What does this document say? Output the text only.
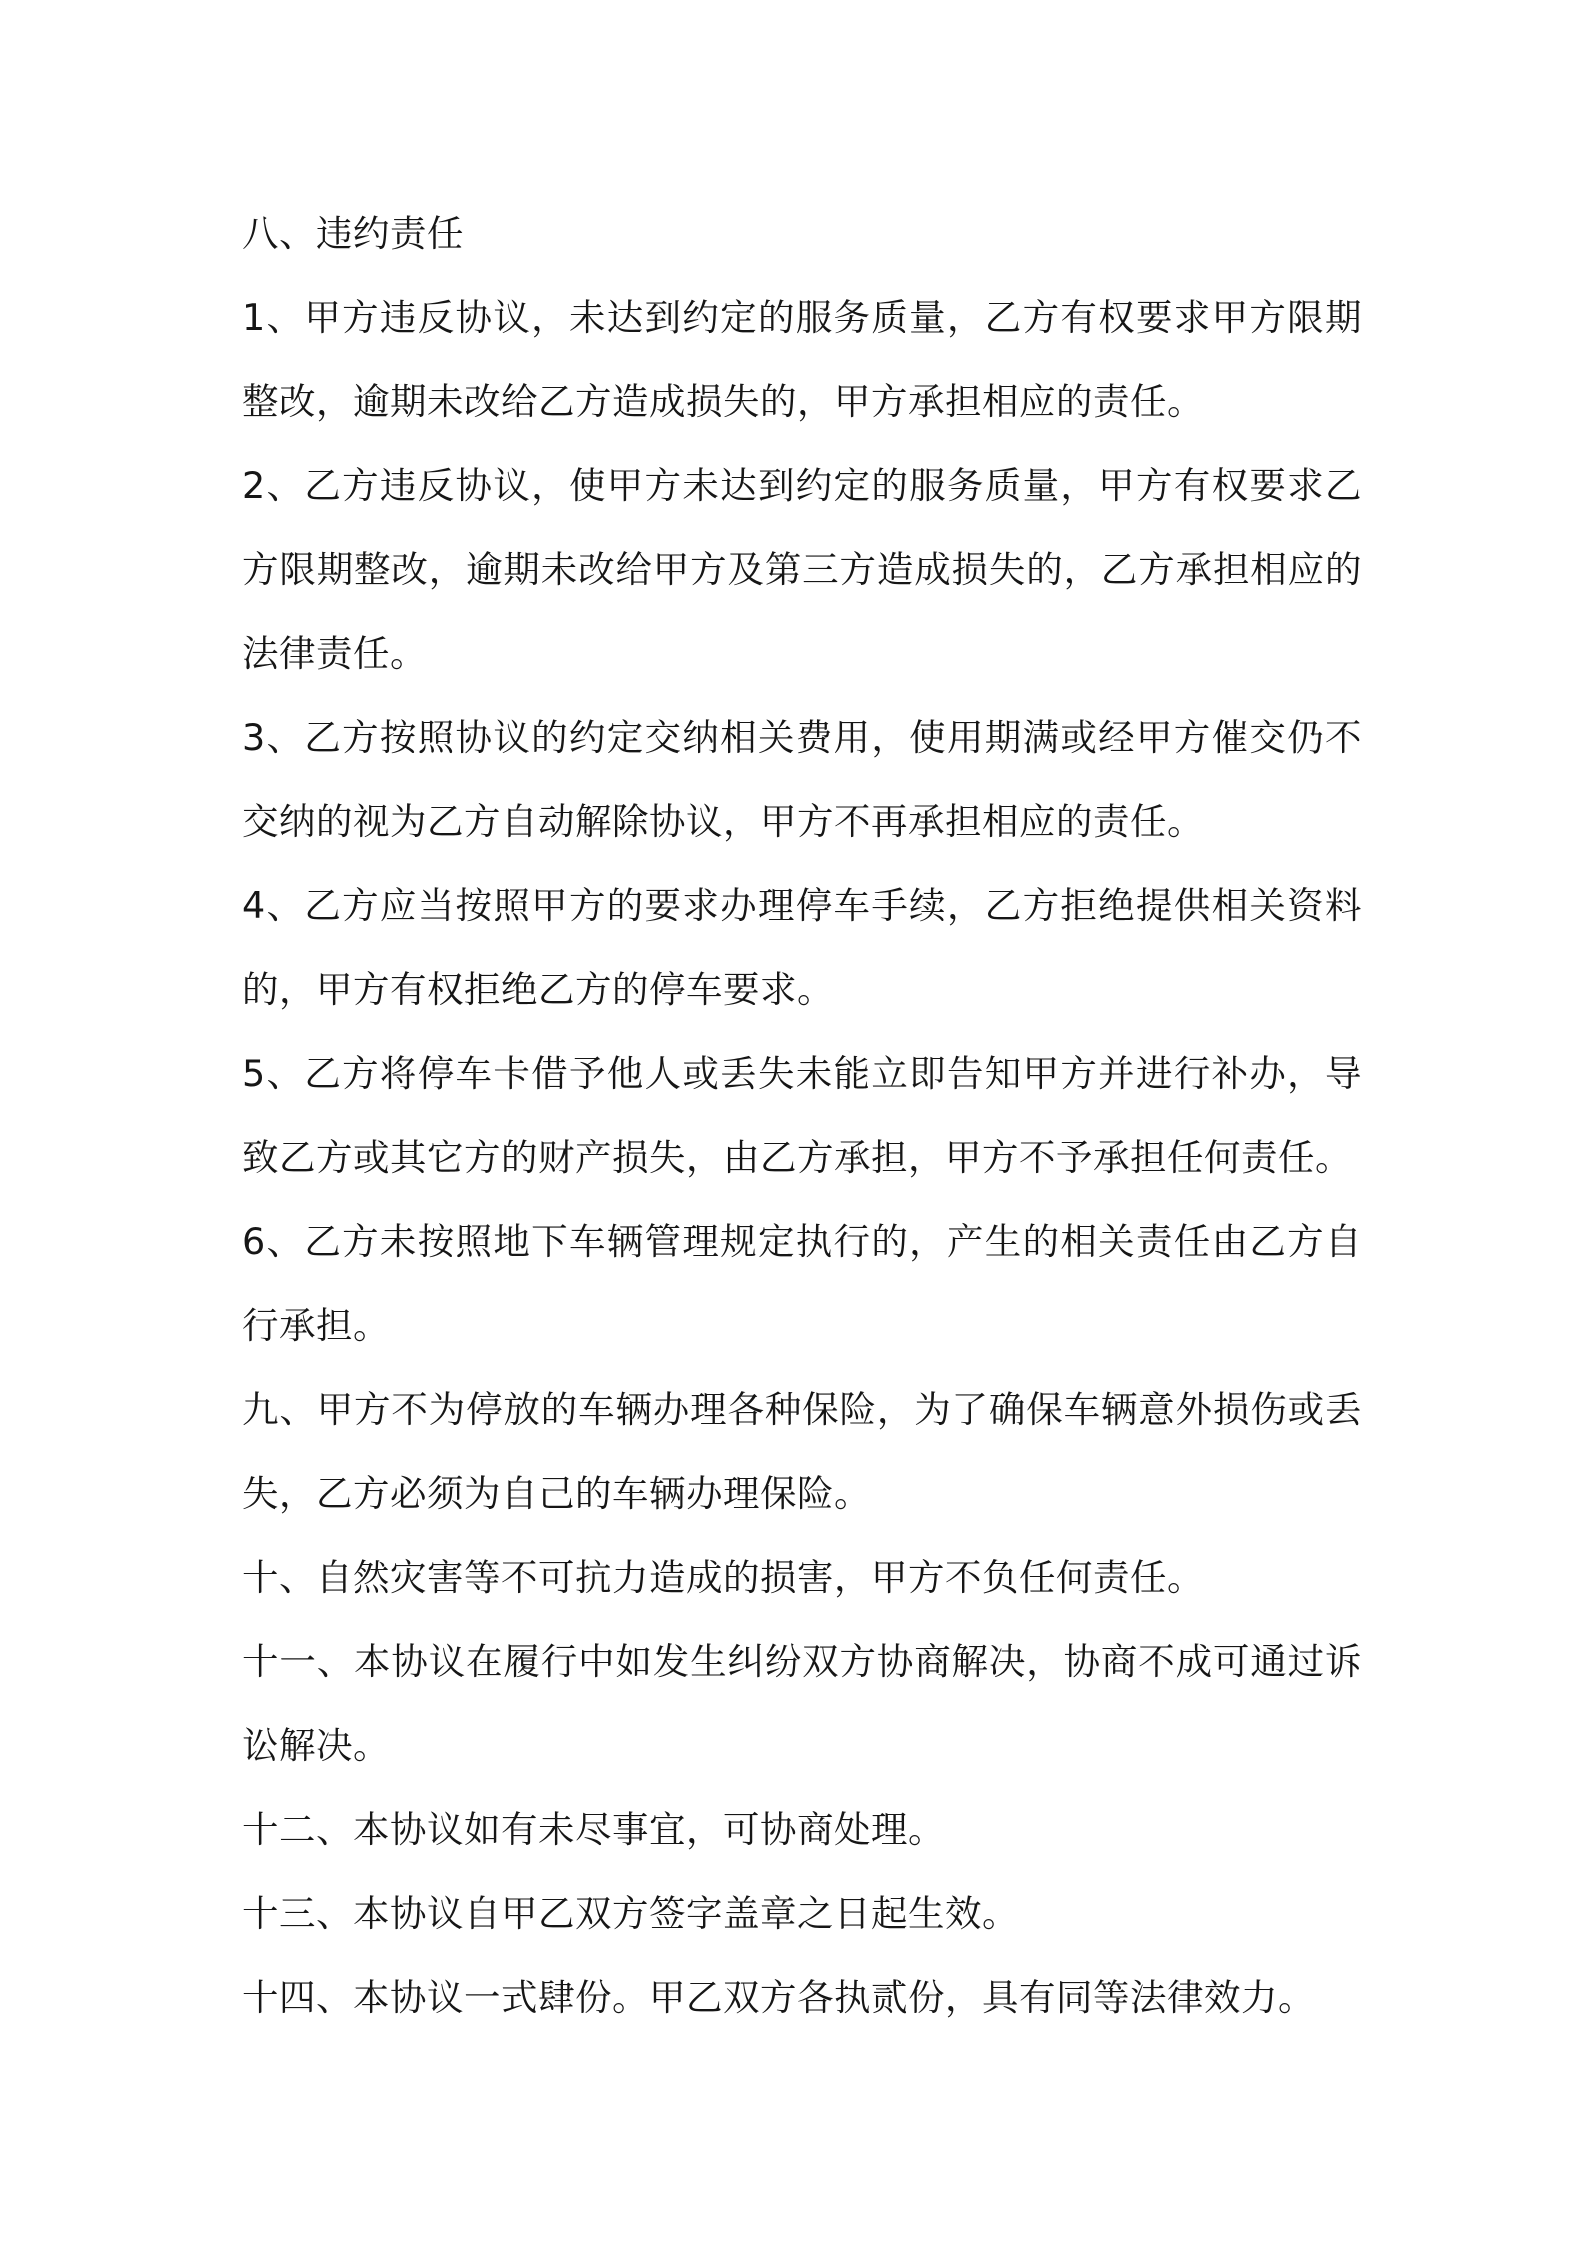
八、违约责任

1、甲方违反协议，未达到约定的服务质量，乙方有权要求甲方限期整改，逾期未改给乙方造成损失的，甲方承担相应的责任。

2、乙方违反协议，使甲方未达到约定的服务质量，甲方有权要求乙方限期整改，逾期未改给甲方及第三方造成损失的，乙方承担相应的法律责任。

3、乙方按照协议的约定交纳相关费用，使用期满或经甲方催交仍不交纳的视为乙方自动解除协议，甲方不再承担相应的责任。

4、乙方应当按照甲方的要求办理停车手续，乙方拒绝提供相关资料的，甲方有权拒绝乙方的停车要求。

5、乙方将停车卡借予他人或丢失未能立即告知甲方并进行补办，导致乙方或其它方的财产损失，由乙方承担，甲方不予承担任何责任。

6、乙方未按照地下车辆管理规定执行的，产生的相关责任由乙方自行承担。

九、甲方不为停放的车辆办理各种保险，为了确保车辆意外损伤或丢失，乙方必须为自己的车辆办理保险。

十、自然灾害等不可抗力造成的损害，甲方不负任何责任。

十一、本协议在履行中如发生纠纷双方协商解决，协商不成可通过诉讼解决。

十二、本协议如有未尽事宜，可协商处理。

十三、本协议自甲乙双方签字盖章之日起生效。

十四、本协议一式肆份。甲乙双方各执贰份，具有同等法律效力。
